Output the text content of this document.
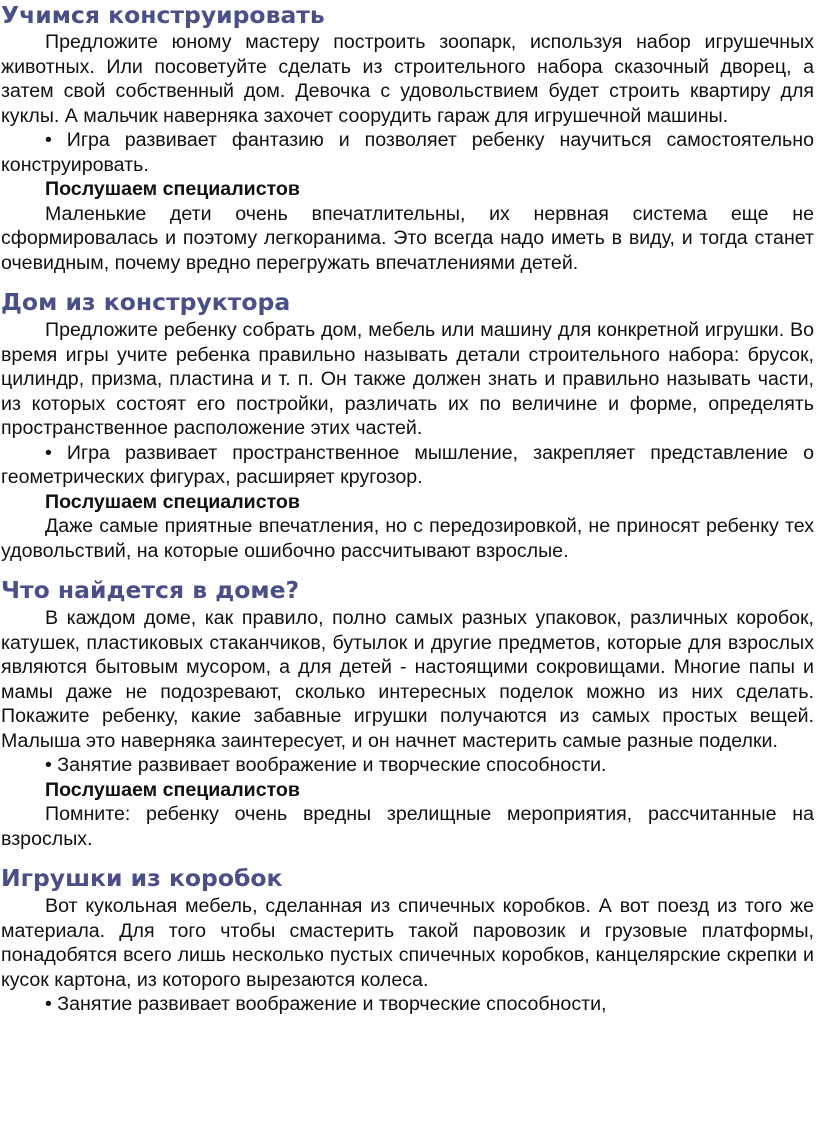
Учимся конструировать

Предложите юному мастеру построить зоопарк, используя набор игрушечных животных. Или посоветуйте сделать из строительного набора сказочный дворец, а затем свой собственный дом. Девочка с удовольствием будет строить квартиру для куклы. А мальчик наверняка захочет соорудить гараж для игрушечной машины.

• Игра развивает фантазию и позволяет ребенку научиться самостоятельно конструировать.

Послушаем специалистов

Маленькие дети очень впечатлительны, их нервная система еще не сформировалась и поэтому легкоранима. Это всегда надо иметь в виду, и тогда станет очевидным, почему вредно перегружать впечатлениями детей.

Дом из конструктора

Предложите ребенку собрать дом, мебель или машину для конкретной игрушки. Во время игры учите ребенка правильно называть детали строительного набора: брусок, цилиндр, призма, пластина и т. п. Он также должен знать и правильно называть части, из которых состоят его постройки, различать их по величине и форме, определять пространственное расположение этих частей.

• Игра развивает пространственное мышление, закрепляет представление о геометрических фигурах, расширяет кругозор.

Послушаем специалистов

Даже самые приятные впечатления, но с передозировкой, не приносят ребенку тех удовольствий, на которые ошибочно рассчитывают взрослые.

Что найдется в доме?

В каждом доме, как правило, полно самых разных упаковок, различных коробок, катушек, пластиковых стаканчиков, бутылок и другие предметов, которые для взрослых являются бытовым мусором, а для детей - настоящими сокровищами. Многие папы и мамы даже не подозревают, сколько интересных поделок можно из них сделать. Покажите ребенку, какие забавные игрушки получаются из самых простых вещей. Малыша это наверняка заинтересует, и он начнет мастерить самые разные поделки.

• Занятие развивает воображение и творческие способности.

Послушаем специалистов

Помните: ребенку очень вредны зрелищные мероприятия, рассчитанные на взрослых.

Игрушки из коробок

Вот кукольная мебель, сделанная из спичечных коробков. А вот поезд из того же материала. Для того чтобы смастерить такой паровозик и грузовые платформы, понадобятся всего лишь несколько пустых спичечных коробков, канцелярские скрепки и кусок картона, из которого вырезаются колеса.

• Занятие развивает воображение и творческие способности,
